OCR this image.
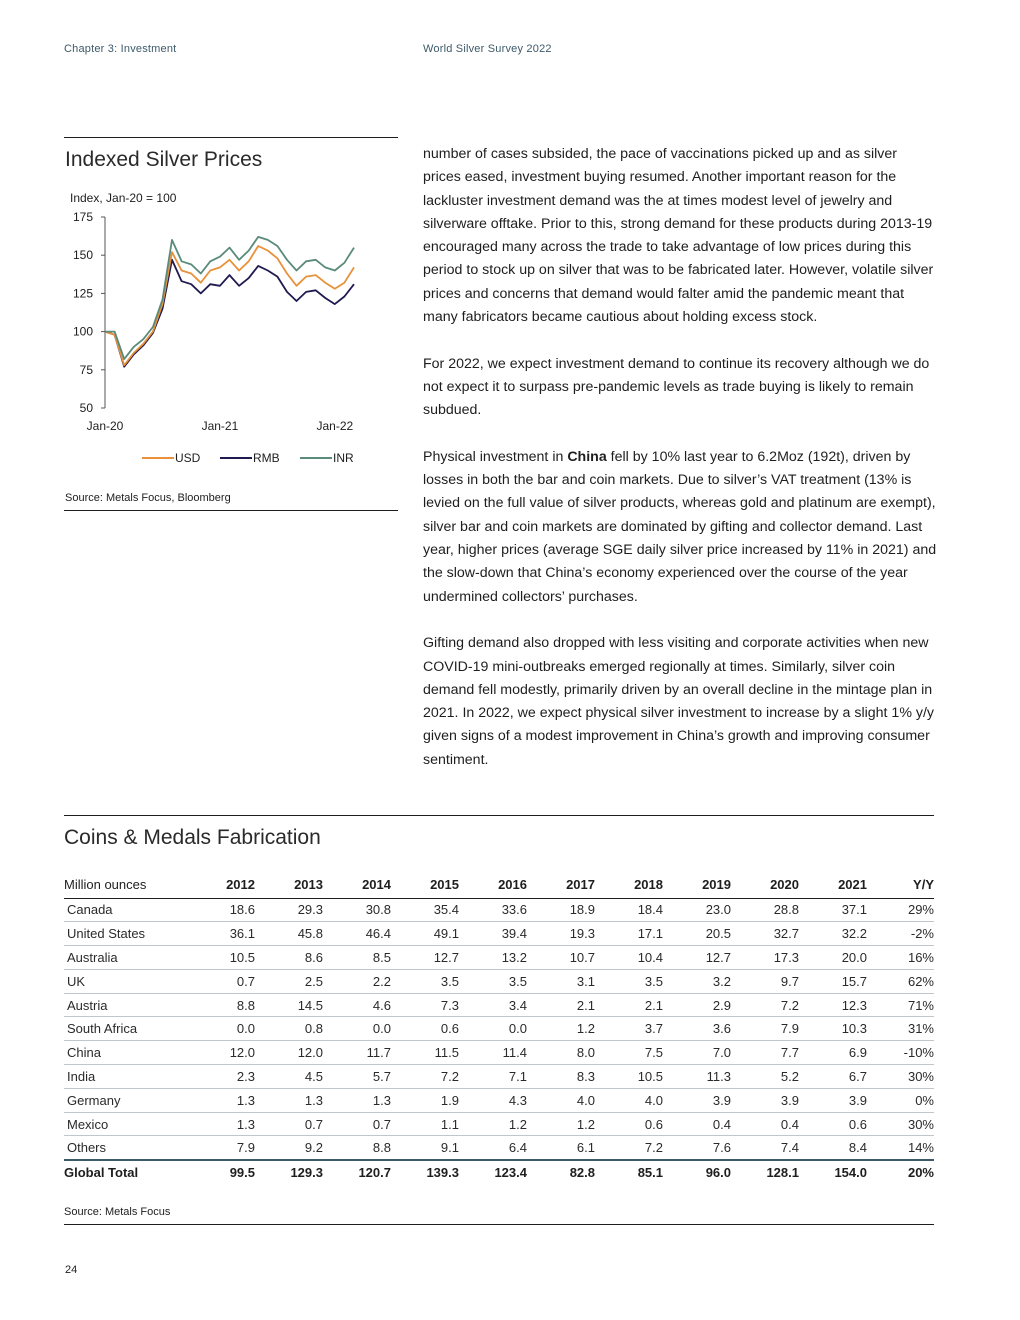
Chapter 3: Investment	World Silver Survey 2022
Indexed Silver Prices
Index, Jan-20 = 100
175
150
125
100
75
50
Jan-20	Jan-21	Jan-22
USD	RMB	INR
Source: Metals Focus, Bloomberg

number of cases subsided, the pace of vaccinations picked up and as silver prices eased, investment buying resumed. Another important reason for the lackluster investment demand was the at times modest level of jewelry and silverware offtake. Prior to this, strong demand for these products during 2013-19 encouraged many across the trade to take advantage of low prices during this period to stock up on silver that was to be fabricated later. However, volatile silver prices and concerns that demand would falter amid the pandemic meant that many fabricators became cautious about holding excess stock.

For 2022, we expect investment demand to continue its recovery although we do not expect it to surpass pre-pandemic levels as trade buying is likely to remain subdued.

Physical investment in China fell by 10% last year to 6.2Moz (192t), driven by losses in both the bar and coin markets. Due to silver’s VAT treatment (13% is levied on the full value of silver products, whereas gold and platinum are exempt), silver bar and coin markets are dominated by gifting and collector demand. Last year, higher prices (average SGE daily silver price increased by 11% in 2021) and the slow-down that China’s economy experienced over the course of the year undermined collectors’ purchases.

Gifting demand also dropped with less visiting and corporate activities when new COVID-19 mini-outbreaks emerged regionally at times. Similarly, silver coin demand fell modestly, primarily driven by an overall decline in the mintage plan in 2021. In 2022, we expect physical silver investment to increase by a slight 1% y/y given signs of a modest improvement in China’s growth and improving consumer sentiment.

Coins & Medals Fabrication
Million ounces	2012	2013	2014	2015	2016	2017	2018	2019	2020	2021	Y/Y
Canada	18.6	29.3	30.8	35.4	33.6	18.9	18.4	23.0	28.8	37.1	29%
United States	36.1	45.8	46.4	49.1	39.4	19.3	17.1	20.5	32.7	32.2	-2%
Australia	10.5	8.6	8.5	12.7	13.2	10.7	10.4	12.7	17.3	20.0	16%
UK	0.7	2.5	2.2	3.5	3.5	3.1	3.5	3.2	9.7	15.7	62%
Austria	8.8	14.5	4.6	7.3	3.4	2.1	2.1	2.9	7.2	12.3	71%
South Africa	0.0	0.8	0.0	0.6	0.0	1.2	3.7	3.6	7.9	10.3	31%
China	12.0	12.0	11.7	11.5	11.4	8.0	7.5	7.0	7.7	6.9	-10%
India	2.3	4.5	5.7	7.2	7.1	8.3	10.5	11.3	5.2	6.7	30%
Germany	1.3	1.3	1.3	1.9	4.3	4.0	4.0	3.9	3.9	3.9	0%
Mexico	1.3	0.7	0.7	1.1	1.2	1.2	0.6	0.4	0.4	0.6	30%
Others	7.9	9.2	8.8	9.1	6.4	6.1	7.2	7.6	7.4	8.4	14%
Global Total	99.5	129.3	120.7	139.3	123.4	82.8	85.1	96.0	128.1	154.0	20%
Source: Metals Focus
24
